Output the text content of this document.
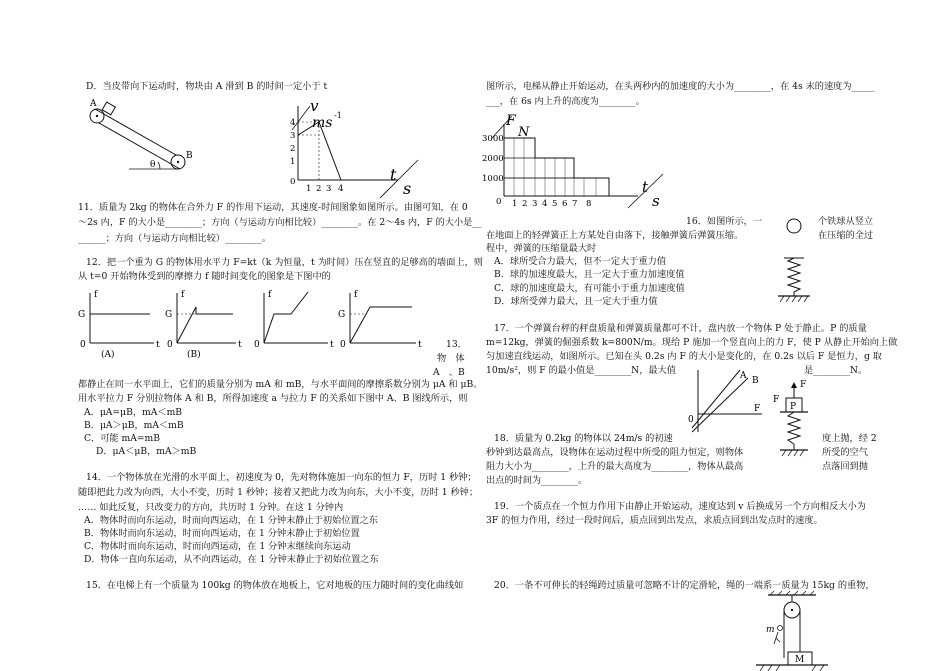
D．当皮带向下运动时，物块由 A 滑到 B 的时间一定小于 t
A
B
θ
v
ms -1
4
3
2
1
0
1 2 3 4
t
s
11．质量为 2kg 的物体在合外力 F 的作用下运动，其速度-时间图象如图所示。由图可知，在 0
～2s 内，F 的大小是________；方向（与运动方向相比较）________。在 2～4s 内，F 的大小是__
______；方向（与运动方向相比较）________。
12．把一个重为 G 的物体用水平力 F=kt（k 为恒量，t 为时间）压在竖直的足够高的墙面上，则
从 t=0 开始物体受到的摩擦力 f 随时间变化的图象是下图中的
f
G
0	t
(A)
f
G
0	t
(B)
f
0	t
f
G
0	t	13．
物　体
A　、B
都静止在同一水平面上，它们的质量分别为 mA 和 mB，与水平面间的摩擦系数分别为 μA 和 μB。
用水平拉力 F 分别拉物体 A 和 B，所得加速度 a 与拉力 F 的关系如下图中 A、B 图线所示，则
A．μA=μB，mA＜mB
B．μA＞μB，mA＜mB
C．可能 mA=mB
D．μA＜μB，mA＞mB
14．一个物体放在光滑的水平面上，初速度为 0，先对物体施加一向东的恒力 F，历时 1 秒钟；
随即把此力改为向西，大小不变，历时 1 秒钟；接着又把此力改为向东，大小不变，历时 1 秒钟；
…… 如此反复，只改变力的方向，共历时 1 分钟。在这 1 分钟内
A．物体时而向东运动，时而向西运动，在 1 分钟末静止于初始位置之东
B．物体时而向东运动，时而向西运动，在 1 分钟末静止于初始位置
C．物体时而向东运动，时而向西运动，在 1 分钟末继续向东运动
D．物体一直向东运动，从不向西运动，在 1 分钟末静止于初始位置之东
15．在电梯上有一个质量为 100kg 的物体放在地板上，它对地板的压力随时间的变化曲线如
图所示，电梯从静止开始运动，在头两秒内的加速度的大小为________，在 4s 末的速度为_____
___，在 6s 内上升的高度为________。
F
N
3000
2000
1000
0 1 2 3 4 5 6 7 8
t
s
16．如图所示，一	个铁球从竖立
在地面上的轻弹簧正上方某处自由落下，接触弹簧后弹簧压缩。	在压缩的全过
程中，弹簧的压缩量最大时
A．球所受合力最大，但不一定大于重力值
B．球的加速度最大，且一定大于重力加速度值
C．球的加速度最大，有可能小于重力加速度值
D．球所受弹力最大，且一定大于重力值
17．一个弹簧台秤的秤盘质量和弹簧质量都可不计，盘内放一个物体 P 处于静止。P 的质量
m=12kg，弹簧的倔强系数 k=800N/m。现给 P 施加一个竖直向上的力 F，使 P 从静止开始向上做
匀加速直线运动，如图所示。已知在头 0.2s 内 F 的大小是变化的，在 0.2s 以后 F 是恒力，g 取
10m/s²，则 F 的最小值是________N，最大值	是________N。
A B
F
0
F
P
F
18．质量为 0.2kg 的物体以 24m/s 的初速
秒钟到达最高点，设物体在运动过程中所受的阻力恒定，则物体
阻力大小为________，上升的最大高度为________，物体从最高
出点的时间为________。
度上抛，经 2
所受的空气
点落回到抛
19．一个质点在一个恒力作用下由静止开始运动，速度达到 v 后换成另一个方向相反大小为
3F 的恒力作用，经过一段时间后，质点回到出发点，求质点回到出发点时的速度。
20．一条不可伸长的轻绳跨过质量可忽略不计的定滑轮，绳的一端系一质量为 15kg 的重物，
m
M
